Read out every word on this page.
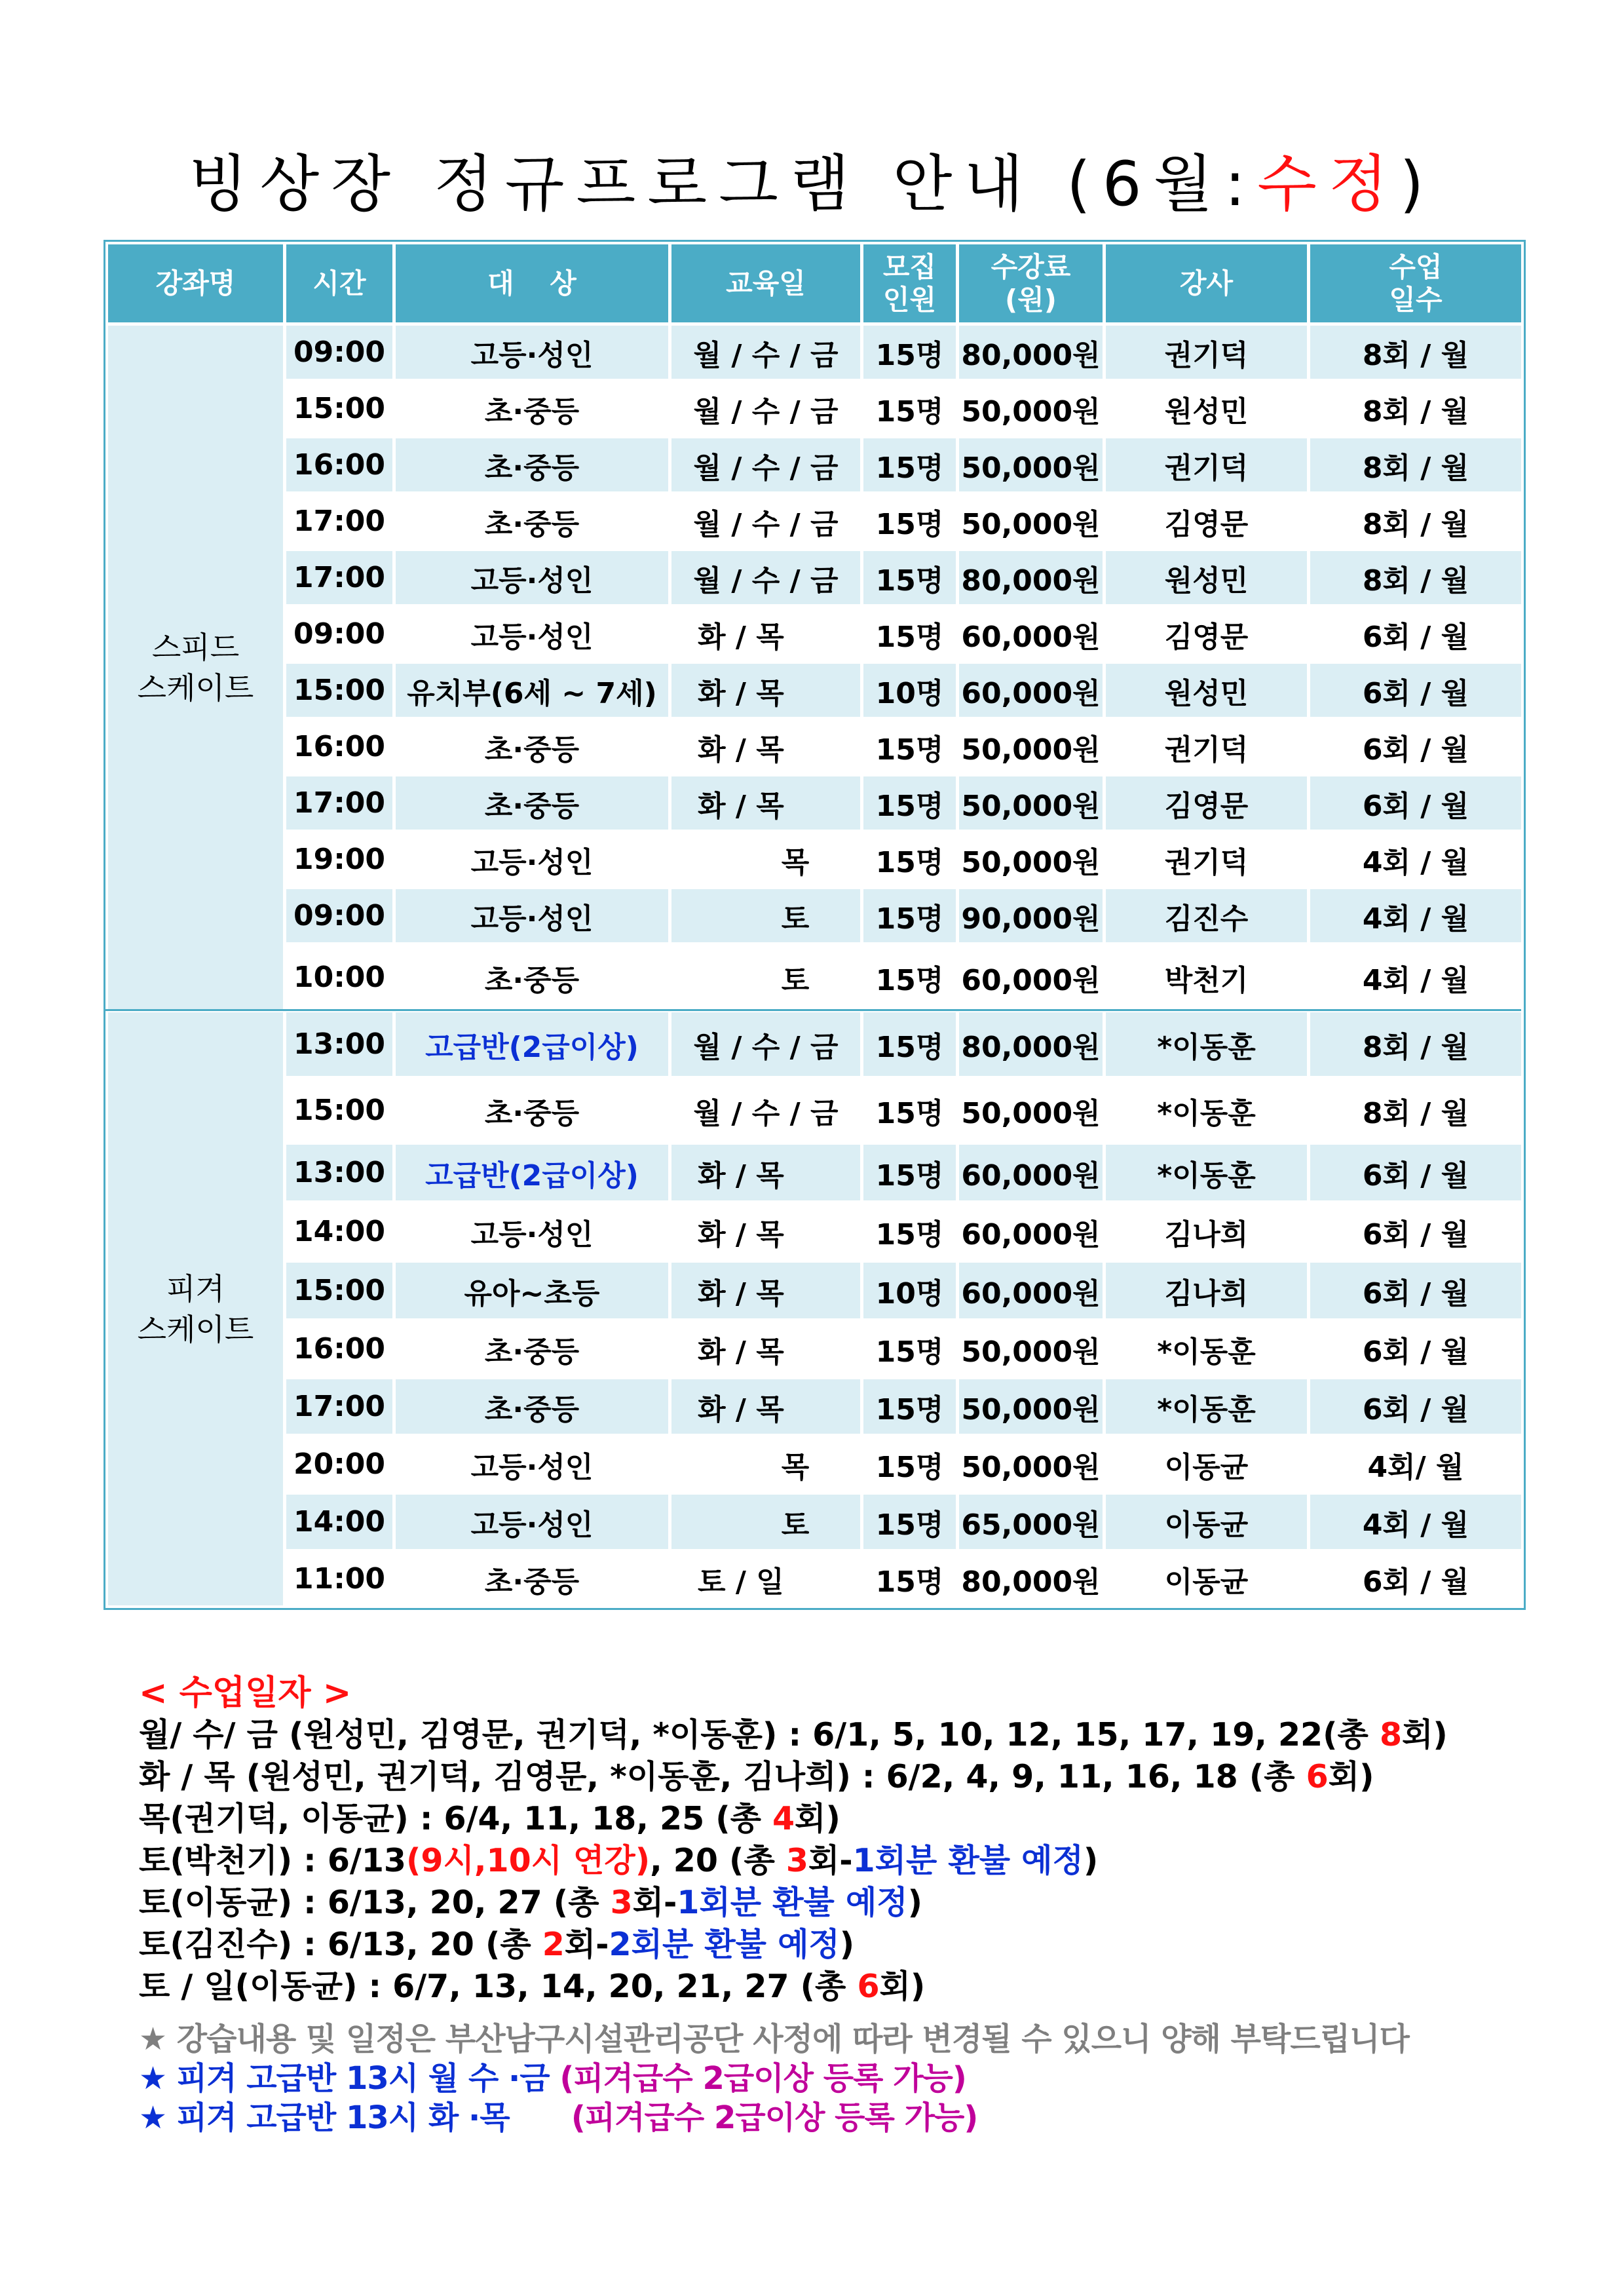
빙상장 정규프로그램 안내 (6월:수정)
강좌명	시간	대 상	교육일	모집 인원	수강료 (원)	강사	수업 일수
스피드
스케이트	09:00	고등·성인	월 / 수 / 금	15명	80,000원	권기덕	8회 / 월
	15:00	초·중등	월 / 수 / 금	15명	50,000원	원성민	8회 / 월
	16:00	초·중등	월 / 수 / 금	15명	50,000원	권기덕	8회 / 월
	17:00	초·중등	월 / 수 / 금	15명	50,000원	김영문	8회 / 월
	17:00	고등·성인	월 / 수 / 금	15명	80,000원	원성민	8회 / 월
	09:00	고등·성인	화 / 목	15명	60,000원	김영문	6회 / 월
	15:00	유치부(6세 ~ 7세)	화 / 목	10명	60,000원	원성민	6회 / 월
	16:00	초·중등	화 / 목	15명	50,000원	권기덕	6회 / 월
	17:00	초·중등	화 / 목	15명	50,000원	김영문	6회 / 월
	19:00	고등·성인	목	15명	50,000원	권기덕	4회 / 월
	09:00	고등·성인	토	15명	90,000원	김진수	4회 / 월
	10:00	초·중등	토	15명	60,000원	박천기	4회 / 월
피겨
스케이트	13:00	고급반(2급이상)	월 / 수 / 금	15명	80,000원	*이동훈	8회 / 월
	15:00	초·중등	월 / 수 / 금	15명	50,000원	*이동훈	8회 / 월
	13:00	고급반(2급이상)	화 / 목	15명	60,000원	*이동훈	6회 / 월
	14:00	고등·성인	화 / 목	15명	60,000원	김나희	6회 / 월
	15:00	유아~초등	화 / 목	10명	60,000원	김나희	6회 / 월
	16:00	초·중등	화 / 목	15명	50,000원	*이동훈	6회 / 월
	17:00	초·중등	화 / 목	15명	50,000원	*이동훈	6회 / 월
	20:00	고등·성인	목	15명	50,000원	이동균	4회/ 월
	14:00	고등·성인	토	15명	65,000원	이동균	4회 / 월
	11:00	초·중등	토 / 일	15명	80,000원	이동균	6회 / 월
< 수업일자 >
월/ 수/ 금 (원성민, 김영문, 권기덕, *이동훈) : 6/1, 5, 10, 12, 15, 17, 19, 22(총 8회)
화 / 목 (원성민, 권기덕, 김영문, *이동훈, 김나희) : 6/2, 4, 9, 11, 16, 18 (총 6회)
목(권기덕, 이동균) : 6/4, 11, 18, 25 (총 4회)
토(박천기) : 6/13(9시,10시 연강), 20 (총 3회-1회분 환불 예정)
토(이동균) : 6/13, 20, 27 (총 3회-1회분 환불 예정)
토(김진수) : 6/13, 20 (총 2회-2회분 환불 예정)
토 / 일(이동균) : 6/7, 13, 14, 20, 21, 27 (총 6회)
★ 강습내용 및 일정은 부산남구시설관리공단 사정에 따라 변경될 수 있으니 양해 부탁드립니다
★ 피겨 고급반 13시 월 수 ·금 (피겨급수 2급이상 등록 가능)
★ 피겨 고급반 13시 화 ·목      (피겨급수 2급이상 등록 가능)
